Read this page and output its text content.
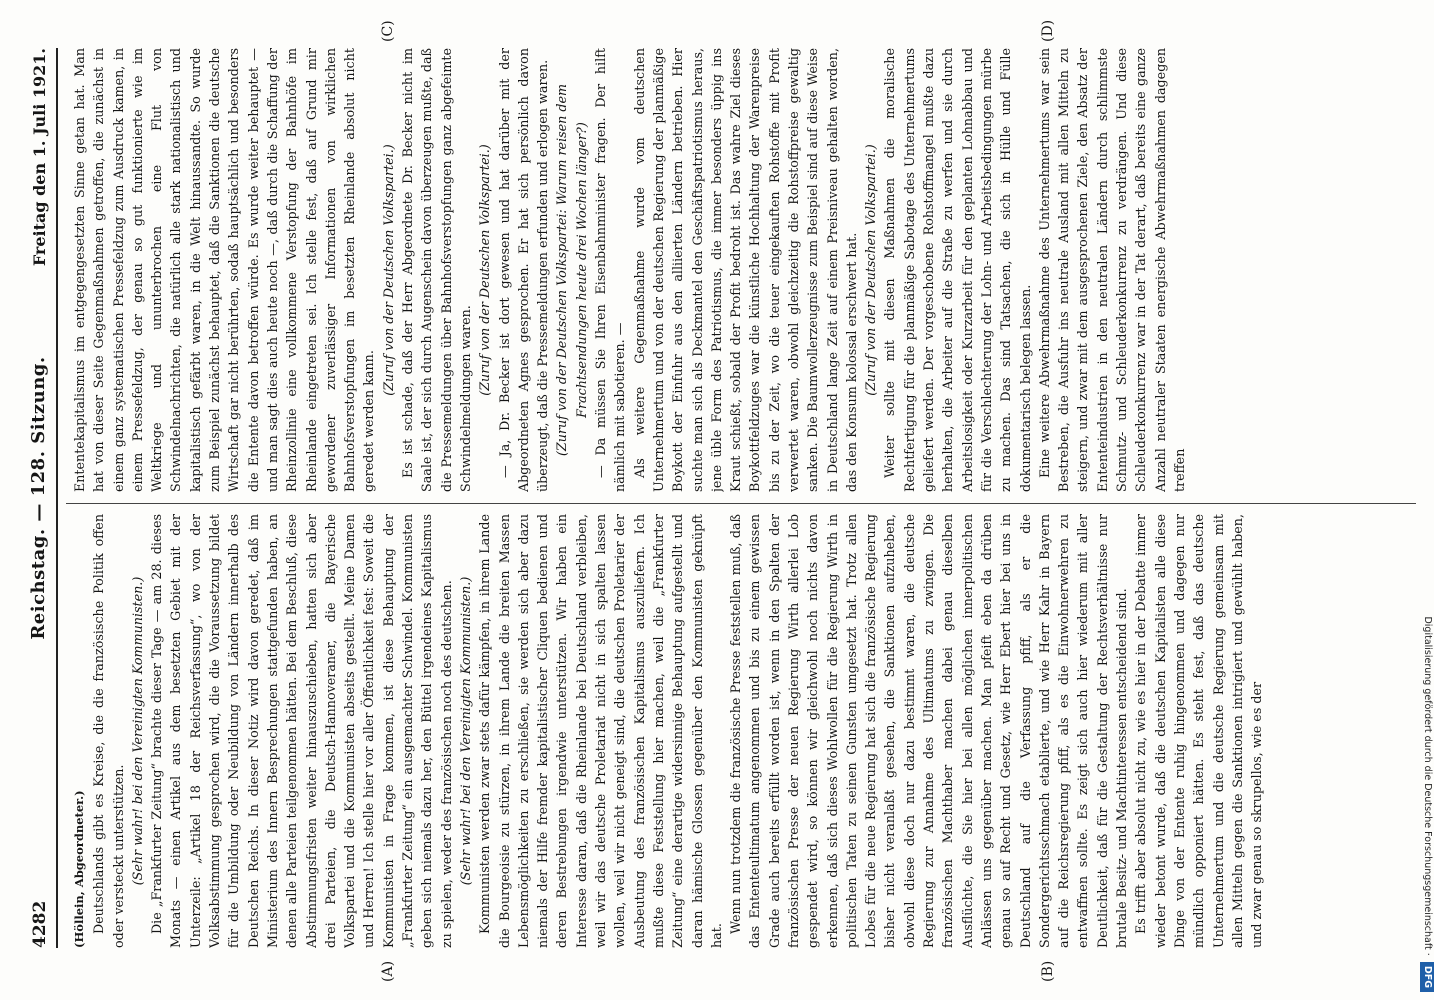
4282
Reichstag. — 128. Sitzung.
Freitag den 1. Juli 1921.
(A)	(B)
(C)	(D)

(Höllein, Abgeordneter.) Deutschlands gibt es Kreise, die die französische Politik offen oder versteckt unterstützen. (Sehr wahr! bei den Vereinigten Kommunisten.) Die „Frankfurter Zeitung“ brachte dieser Tage — am 28. dieses Monats — einen Artikel aus dem besetzten Gebiet mit der Unterzeile: „Artikel 18 der Reichsverfassung“, wo von der Volksabstimmung gesprochen wird, die die Voraussetzung bildet für die Umbildung oder Neubildung von Ländern innerhalb des Deutschen Reichs. In dieser Notiz wird davon geredet, daß im Ministerium des Innern Besprechungen stattgefunden haben, an denen alle Parteien teilgenommen hätten. Bei dem Beschluß, diese Abstimmungsfristen weiter hinauszuschieben, hatten sich aber drei Parteien, die Deutsch-Hannoveraner, die Bayerische Volkspartei und die Kommunisten abseits gestellt. Meine Damen und Herren! Ich stelle hier vor aller Öffentlichkeit fest: Soweit die Kommunisten in Frage kommen, ist diese Behauptung der „Frankfurter Zeitung“ ein ausgemachter Schwindel. Kommunisten geben sich niemals dazu her, den Büttel irgendeines Kapitalismus zu spielen, weder des französischen noch des deutschen. (Sehr wahr! bei den Vereinigten Kommunisten.) Kommunisten werden zwar stets dafür kämpfen, in ihrem Lande die Bourgeoisie zu stürzen, in ihrem Lande die breiten Massen Lebensmöglichkeiten zu erschließen, sie werden sich aber dazu niemals der Hilfe fremder kapitalistischer Cliquen bedienen und deren Bestrebungen irgendwie unterstützen. Wir haben ein Interesse daran, daß die Rheinlande bei Deutschland verbleiben, weil wir das deutsche Proletariat nicht in sich spalten lassen wollen, weil wir nicht geneigt sind, die deutschen Proletarier der Ausbeutung des französischen Kapitalismus auszuliefern. Ich mußte diese Feststellung hier machen, weil die „Frankfurter Zeitung“ eine derartige widersinnige Behauptung aufgestellt und daran hämische Glossen gegenüber den Kommunisten geknüpft hat.

Wenn nun trotzdem die französische Presse feststellen muß, daß das Ententeultimatum angenommen und bis zu einem gewissen Grade auch bereits erfüllt worden ist, wenn in den Spalten der französischen Presse der neuen Regierung Wirth allerlei Lob gespendet wird, so können wir gleichwohl noch nichts davon erkennen, daß sich dieses Wohlwollen für die Regierung Wirth in politischen Taten zu seinen Gunsten umgesetzt hat. Trotz allen Lobes für die neue Regierung hat sich die französische Regierung bisher nicht veranlaßt gesehen, die Sanktionen aufzuheben, obwohl diese doch nur dazu bestimmt waren, die deutsche Regierung zur Annahme des Ultimatums zu zwingen. Die französischen Machthaber machen dabei genau dieselben Ausflüchte, die Sie hier bei allen möglichen innerpolitischen Anlässen uns gegenüber machen. Man pfeift eben da drüben genau so auf Recht und Gesetz, wie Herr Ebert hier bei uns in Deutschland auf die Verfassung pfiff, als er die Sondergerichtsschmach etablierte, und wie Herr Kahr in Bayern auf die Reichsregierung pfiff, als es die Einwohnerwehren zu entwaffnen sollte. Es zeigt sich auch hier wiederum mit aller Deutlichkeit, daß für die Gestaltung der Rechtsverhältnisse nur brutale Besitz- und Machtinteressen entscheidend sind. Es trifft aber absolut nicht zu, wie es hier in der Debatte immer wieder betont wurde, daß die deutschen Kapitalisten alle diese Dinge von der Entente ruhig hingenommen und dagegen nur mündlich opponiert hätten. Es steht fest, daß das deutsche Unternehmertum und die deutsche Regierung gemeinsam mit allen Mitteln gegen die Sanktionen intrigiert und gewühlt haben, und zwar genau so skrupellos, wie es der

Ententekapitalismus im entgegengesetzten Sinne getan hat. Man hat von dieser Seite Gegenmaßnahmen getroffen, die zunächst in einem ganz systematischen Pressefeldzug zum Ausdruck kamen, in einem Pressefeldzug, der genau so gut funktionierte wie im Weltkriege und ununterbrochen eine Flut von Schwindelnachrichten, die natürlich alle stark nationalistisch und kapitalistisch gefärbt waren, in die Welt hinaussandte. So wurde zum Beispiel zunächst behauptet, daß die Sanktionen die deutsche Wirtschaft gar nicht berührten, sodaß hauptsächlich und besonders die Entente davon betroffen würde. Es wurde weiter behauptet — und man sagt dies auch heute noch —, daß durch die Schaffung der Rheinzollinie eine vollkommene Verstopfung der Bahnhöfe im Rheinlande eingetreten sei. Ich stelle fest, daß auf Grund mir gewordener zuverlässiger Informationen von wirklichen Bahnhofsverstopfungen im besetzten Rheinlande absolut nicht geredet werden kann.

(Zuruf von der Deutschen Volkspartei.) Es ist schade, daß der Herr Abgeordnete Dr. Becker nicht im Saale ist, der sich durch Augenschein davon überzeugen mußte, daß die Pressemeldungen über Bahnhofsverstopfungen ganz abgefeimte Schwindelmeldungen waren.

(Zuruf von der Deutschen Volkspartei.) — Ja, Dr. Becker ist dort gewesen und hat darüber mit der Abgeordneten Agnes gesprochen. Er hat sich persönlich davon überzeugt, daß die Pressemeldungen erfunden und erlogen waren. (Zuruf von der Deutschen Volkspartei: Warum reisen dem Frachtsendungen heute drei Wochen länger?) — Da müssen Sie Ihren Eisenbahnminister fragen. Der hilft nämlich mit sabotieren. — Als weitere Gegenmaßnahme wurde vom deutschen Unternehmertum und von der deutschen Regierung der planmäßige Boykott der Einfuhr aus den alliierten Ländern betrieben. Hier suchte man sich als Deckmantel den Geschäftspatriotismus heraus, jene üble Form des Patriotismus, die immer besonders üppig ins Kraut schießt, sobald der Profit bedroht ist. Das wahre Ziel dieses Boykottfeldzuges war die künstliche Hochhaltung der Warenpreise bis zu der Zeit, wo die teuer eingekauften Rohstoffe mit Profit verwertet waren, obwohl gleichzeitig die Rohstoffpreise gewaltig sanken. Die Baumwollerzeugnisse zum Beispiel sind auf diese Weise in Deutschland lange Zeit auf einem Preisniveau gehalten worden, das den Konsum kolossal erschwert hat. (Zuruf von der Deutschen Volkspartei.) Weiter sollte mit diesen Maßnahmen die moralische Rechtfertigung für die planmäßige Sabotage des Unternehmertums geliefert werden. Der vorgeschobene Rohstoffmangel mußte dazu herhalten, die Arbeiter auf die Straße zu werfen und sie durch Arbeitslosigkeit oder Kurzarbeit für den geplanten Lohnabbau und für die Verschlechterung der Lohn- und Arbeitsbedingungen mürbe zu machen. Das sind Tatsachen, die sich in Hülle und Fülle dokumentarisch belegen lassen. Eine weitere Abwehrmaßnahme des Unternehmertums war sein Bestreben, die Ausfuhr ins neutrale Ausland mit allen Mitteln zu steigern, und zwar mit dem ausgesprochenen Ziele, den Absatz der Ententeindustrien in den neutralen Ländern durch schlimmste Schmutz- und Schleuderkonkurrenz zu verdrängen. Und diese Schleuderkonkurrenz war in der Tat derart, daß bereits eine ganze Anzahl neutraler Staaten energische Abwehrmaßnahmen dagegen treffen

Digitalisierung gefördert durch die Deutsche Forschungsgemeinschaft ·DFG
